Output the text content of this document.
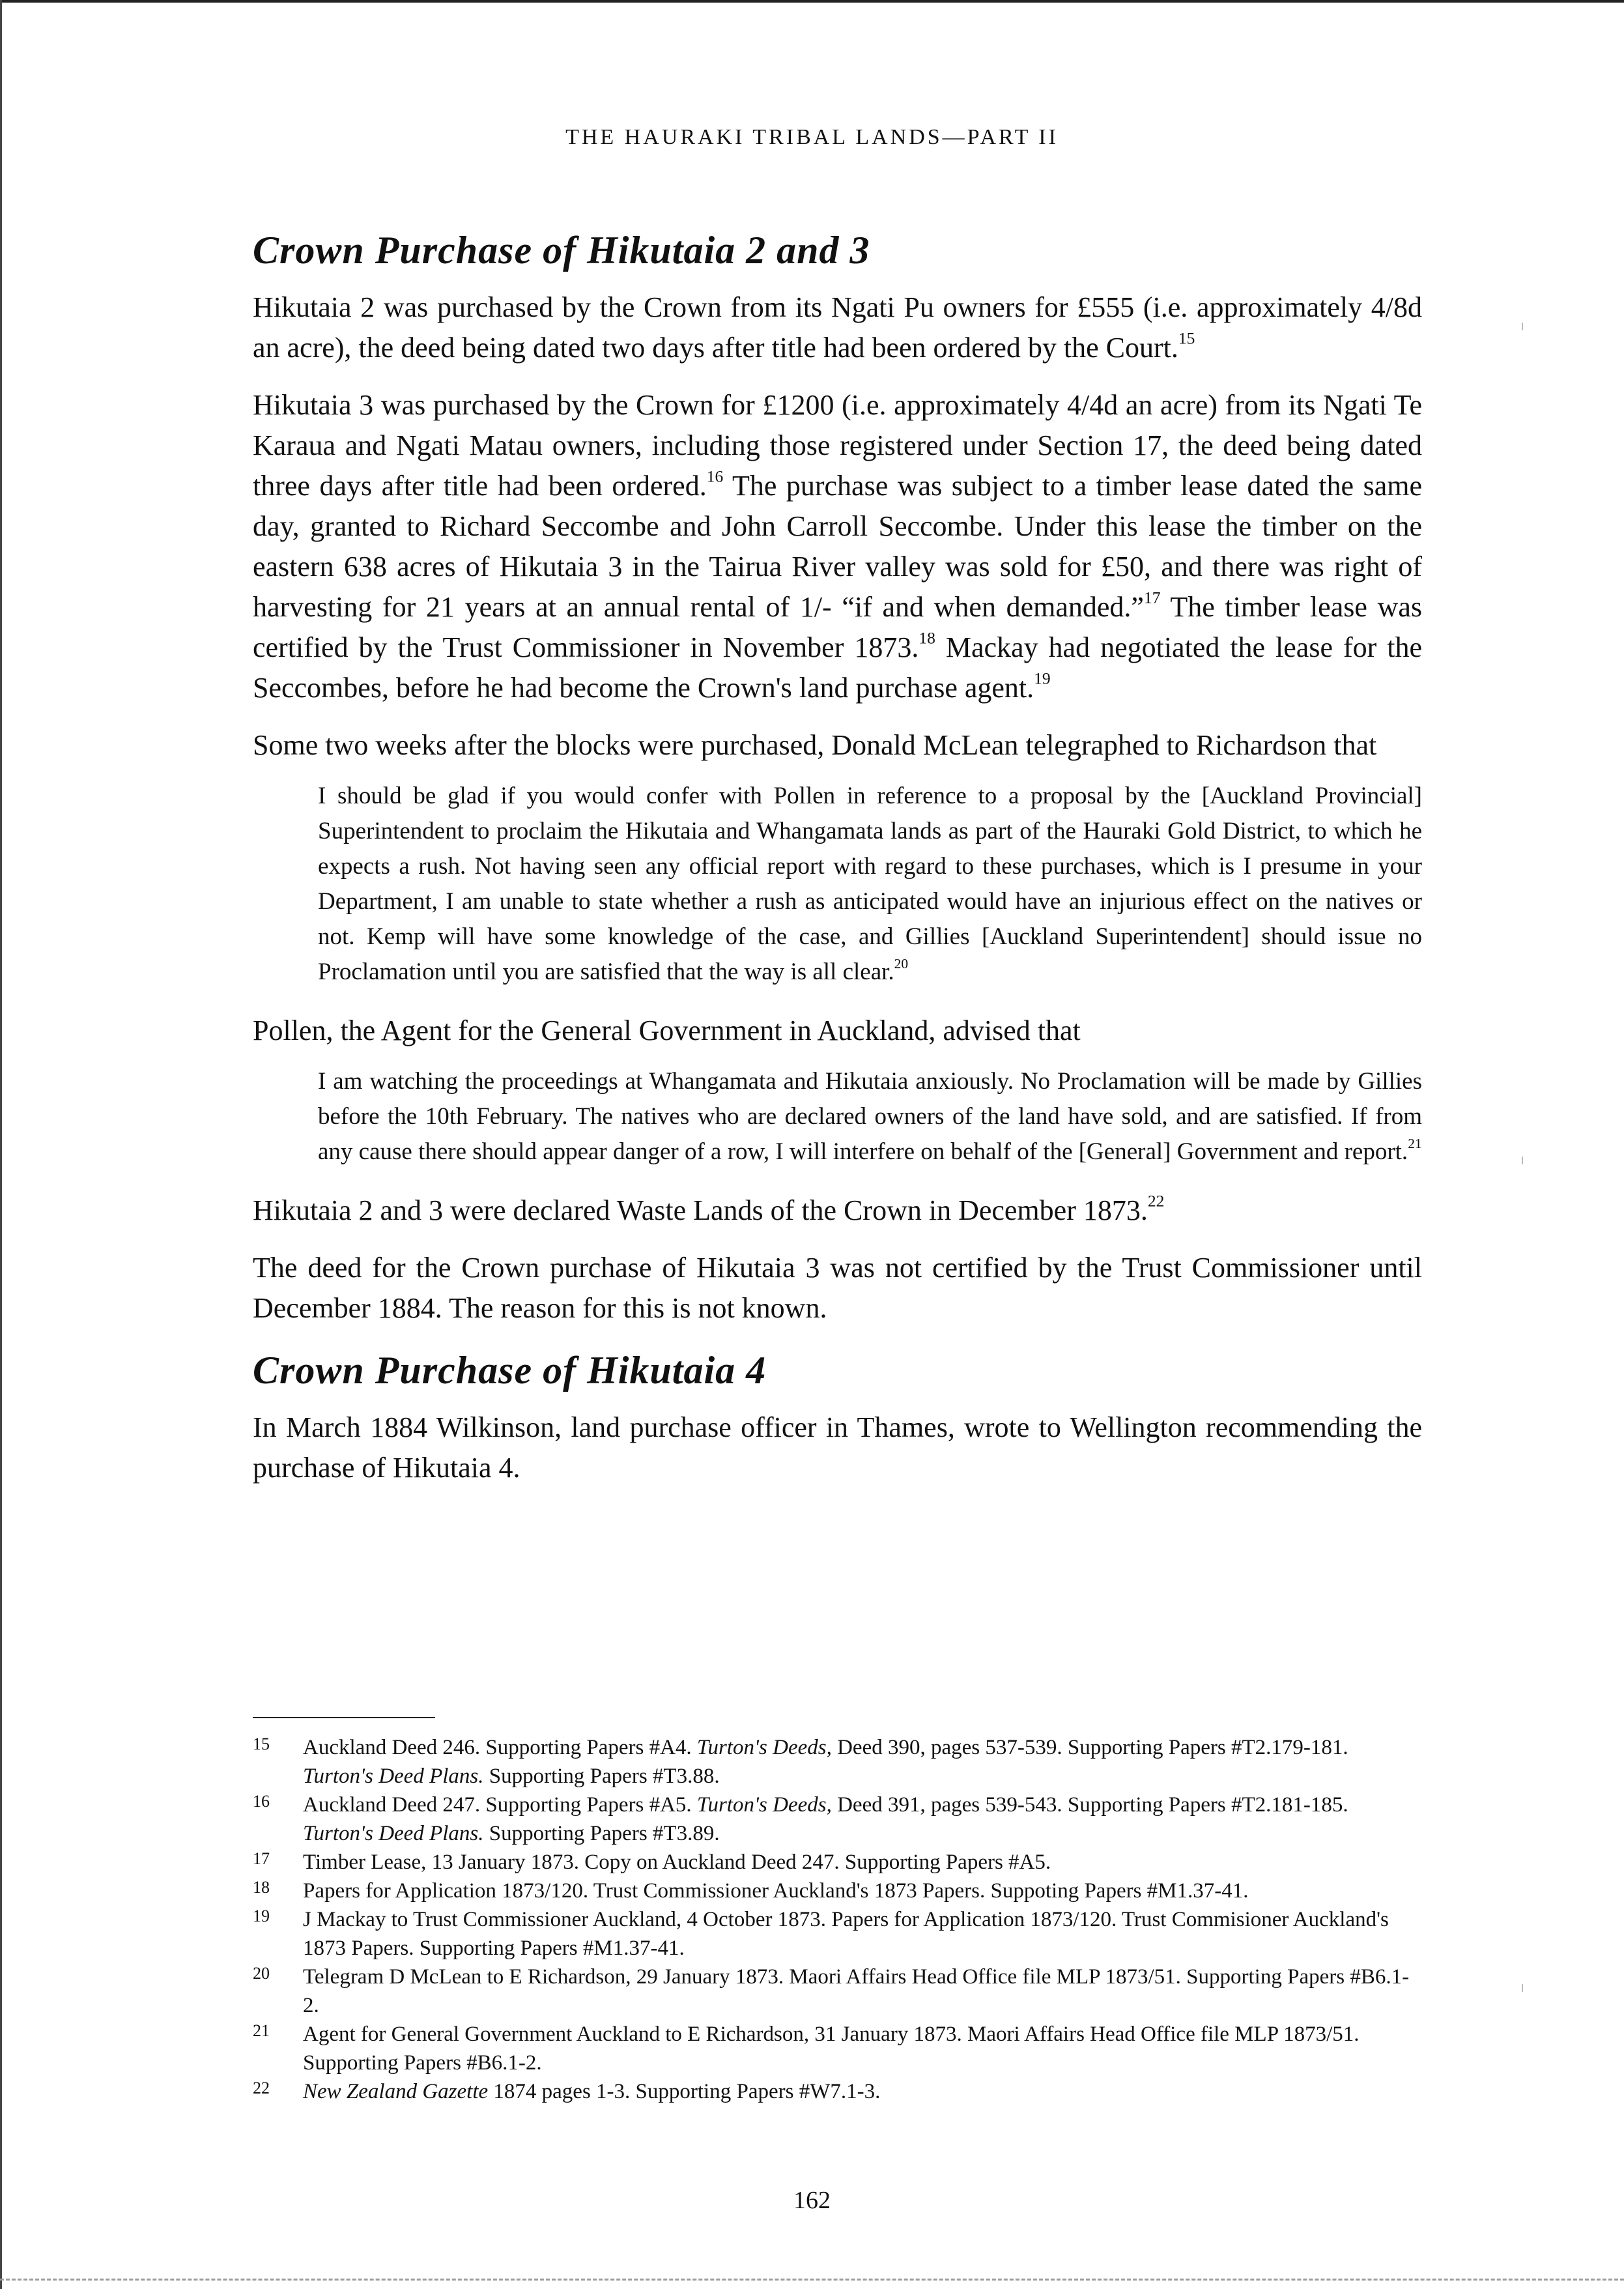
THE HAURAKI TRIBAL LANDS—PART II
Crown Purchase of Hikutaia 2 and 3

Hikutaia 2 was purchased by the Crown from its Ngati Pu owners for £555 (i.e. approximately 4/8d an acre), the deed being dated two days after title had been ordered by the Court.$^{15}$

Hikutaia 3 was purchased by the Crown for £1200 (i.e. approximately 4/4d an acre) from its Ngati Te Karaua and Ngati Matau owners, including those registered under Section 17, the deed being dated three days after title had been ordered.$^{16}$ The purchase was subject to a timber lease dated the same day, granted to Richard Seccombe and John Carroll Seccombe. Under this lease the timber on the eastern 638 acres of Hikutaia 3 in the Tairua River valley was sold for £50, and there was right of harvesting for 21 years at an annual rental of 1/- “if and when demanded.”$^{17}$ The timber lease was certified by the Trust Commissioner in November 1873.18 Mackay had negotiated the lease for the Seccombes, before he had become the Crown's land purchase agent.$^{19}$

Some two weeks after the blocks were purchased, Donald McLean telegraphed to Richardson that

I should be glad if you would confer with Pollen in reference to a proposal by the [Auckland Provincial] Superintendent to proclaim the Hikutaia and Whangamata lands as part of the Hauraki Gold District, to which he expects a rush. Not having seen any official report with regard to these purchases, which is I presume in your Department, I am unable to state whether a rush as anticipated would have an injurious effect on the natives or not. Kemp will have some knowledge of the case, and Gillies [Auckland Superintendent] should issue no Proclamation until you are satisfied that the way is all clear.$^{20}$

Pollen, the Agent for the General Government in Auckland, advised that

I am watching the proceedings at Whangamata and Hikutaia anxiously. No Proclamation will be made by Gillies before the 10th February. The natives who are declared owners of the land have sold, and are satisfied. If from any cause there should appear danger of a row, I will interfere on behalf of the [General] Government and report.$^{21}$

Hikutaia 2 and 3 were declared Waste Lands of the Crown in December 1873.22

The deed for the Crown purchase of Hikutaia 3 was not certified by the Trust Commissioner until December 1884. The reason for this is not known.

Crown Purchase of Hikutaia 4

In March 1884 Wilkinson, land purchase officer in Thames, wrote to Wellington recommending the purchase of Hikutaia 4.

15	Auckland Deed 246. Supporting Papers #A4. Turton's Deeds, Deed 390, pages 537-539. Supporting Papers #T2.179-181. Turton's Deed Plans. Supporting Papers #T3.88.
16	Auckland Deed 247. Supporting Papers #A5. Turton's Deeds, Deed 391, pages 539-543. Supporting Papers #T2.181-185. Turton's Deed Plans. Supporting Papers #T3.89.
17	Timber Lease, 13 January 1873. Copy on Auckland Deed 247. Supporting Papers #A5.
18	Papers for Application 1873/120. Trust Commissioner Auckland's 1873 Papers. Suppoting Papers #M1.37-41.
19	J Mackay to Trust Commissioner Auckland, 4 October 1873. Papers for Application 1873/120. Trust Commisioner Auckland's 1873 Papers. Supporting Papers #M1.37-41.
20	Telegram D McLean to E Richardson, 29 January 1873. Maori Affairs Head Office file MLP 1873/51. Supporting Papers #B6.1-2.
21	Agent for General Government Auckland to E Richardson, 31 January 1873. Maori Affairs Head Office file MLP 1873/51. Supporting Papers #B6.1-2.
22	New Zealand Gazette 1874 pages 1-3. Supporting Papers #W7.1-3.
162
